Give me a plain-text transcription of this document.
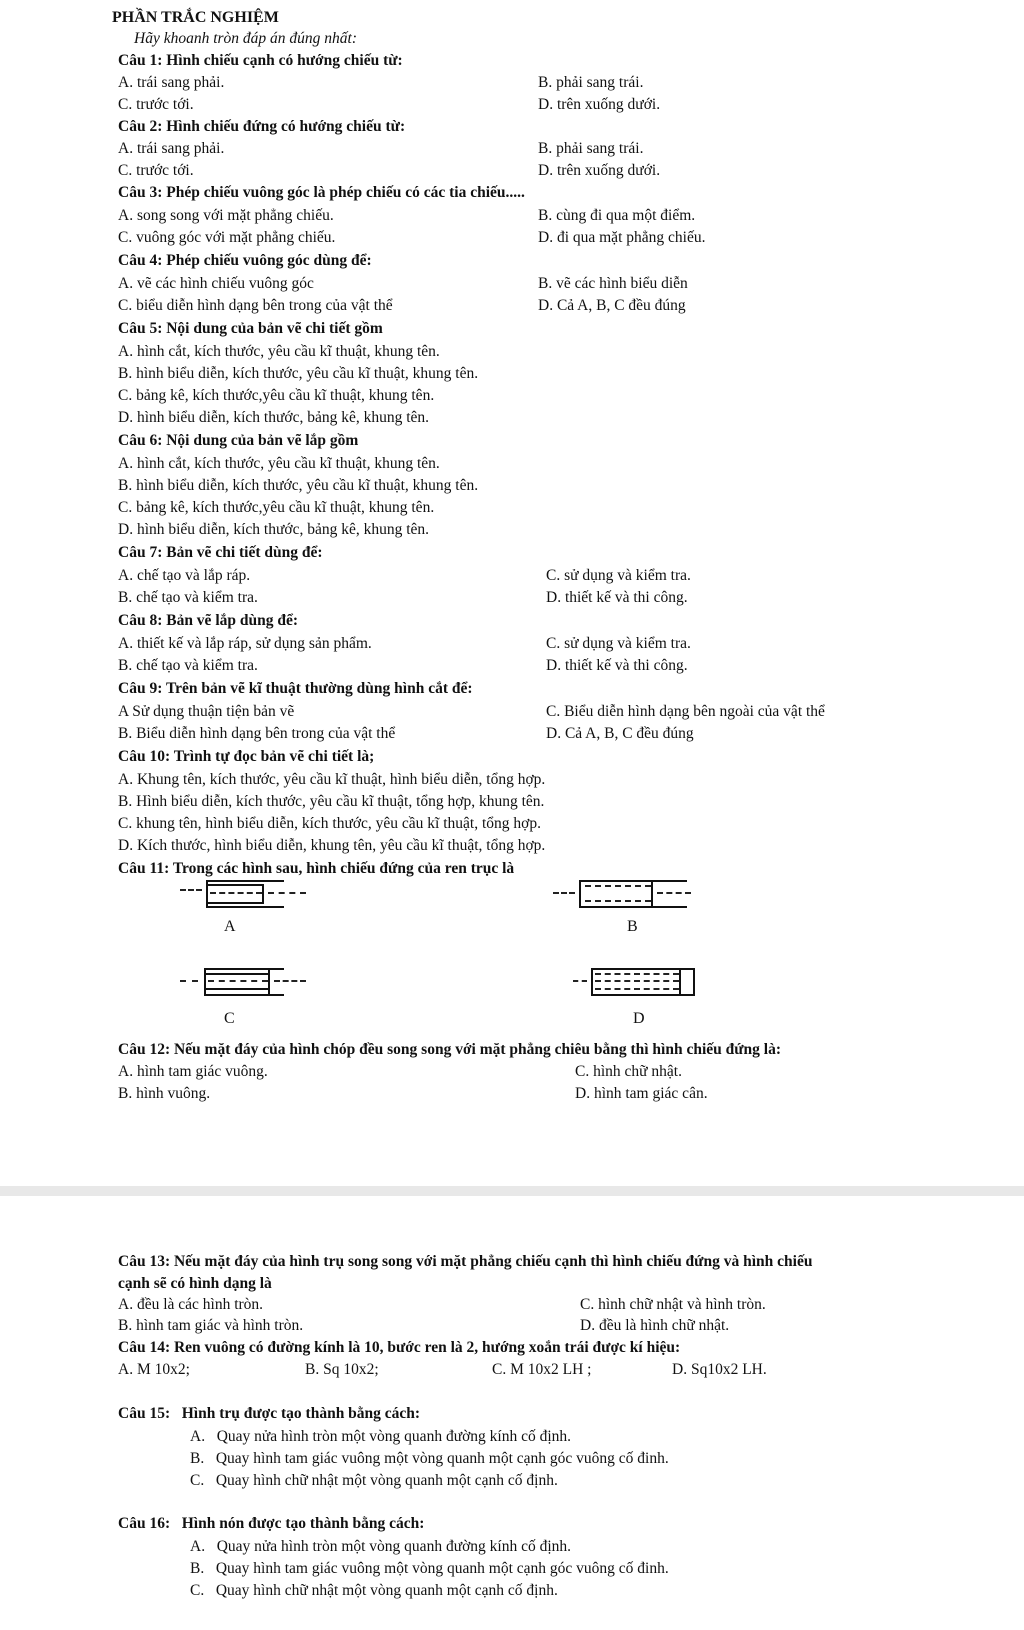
PHẦN TRẮC NGHIỆM
Hãy khoanh tròn đáp án đúng nhất:
Câu 1: Hình chiếu cạnh có hướng chiếu từ:
A. trái sang phải.	B. phải sang trái.
C. trước tới.	D. trên xuống dưới.
Câu 2: Hình chiếu đứng có hướng chiếu từ:
A. trái sang phải.	B. phải sang trái.
C. trước tới.	D. trên xuống dưới.
Câu 3: Phép chiếu vuông góc là phép chiếu có các tia chiếu.....
A. song song với mặt phẳng chiếu.	B. cùng đi qua một điểm.
C. vuông góc với mặt phẳng chiếu.	D. đi qua mặt phẳng chiếu.
Câu 4: Phép chiếu vuông góc dùng để:
A. vẽ các hình chiếu vuông góc	B. vẽ các hình biểu diễn
C. biểu diễn hình dạng bên trong của vật thể	D. Cả A, B, C đều đúng
Câu 5: Nội dung của bản vẽ chi tiết gồm
A. hình cắt, kích thước, yêu cầu kĩ thuật, khung tên.
B. hình biểu diễn, kích thước, yêu cầu kĩ thuật, khung tên.
C. bảng kê, kích thước,yêu cầu kĩ thuật, khung tên.
D. hình biểu diễn, kích thước, bảng kê, khung tên.
Câu 6: Nội dung của bản vẽ lắp gồm
A. hình cắt, kích thước, yêu cầu kĩ thuật, khung tên.
B. hình biểu diễn, kích thước, yêu cầu kĩ thuật, khung tên.
C. bảng kê, kích thước,yêu cầu kĩ thuật, khung tên.
D. hình biểu diễn, kích thước, bảng kê, khung tên.
Câu 7: Bản vẽ chi tiết dùng để:
A. chế tạo và lắp ráp.	C. sử dụng và kiểm tra.
B. chế tạo và kiểm tra.	D. thiết kế và thi công.
Câu 8: Bản vẽ lắp dùng để:
A. thiết kế và lắp ráp, sử dụng sản phẩm.	C. sử dụng và kiểm tra.
B. chế tạo và kiểm tra.	D. thiết kế và thi công.
Câu 9: Trên bản vẽ kĩ thuật thường dùng hình cắt để:
A Sử dụng thuận tiện bản vẽ	C. Biểu diễn hình dạng bên ngoài của vật thể
B. Biểu diễn hình dạng bên trong của vật thể	D. Cả A, B, C đều đúng
Câu 10: Trình tự đọc bản vẽ chi tiết là;
A. Khung tên, kích thước, yêu cầu kĩ thuật, hình biểu diễn, tổng hợp.
B. Hình biểu diễn, kích thước, yêu cầu kĩ thuật, tổng hợp, khung tên.
C. khung tên, hình biểu diễn, kích thước, yêu cầu kĩ thuật, tổng hợp.
D. Kích thước, hình biểu diễn, khung tên, yêu cầu kĩ thuật, tổng hợp.
Câu 11: Trong các hình sau, hình chiếu đứng của ren trục là
A	B
C	D
Câu 12: Nếu mặt đáy của hình chóp đều song song với mặt phẳng chiêu bằng thì hình chiếu đứng là:
A. hình tam giác vuông.	C. hình chữ nhật.
B. hình vuông.	D. hình tam giác cân.
Câu 13: Nếu mặt đáy của hình trụ song song với mặt phẳng chiếu cạnh thì hình chiếu đứng và hình chiếu
cạnh sẽ có hình dạng là
A. đều là các hình tròn.	C. hình chữ nhật và hình tròn.
B. hình tam giác và hình tròn.	D. đều là hình chữ nhật.
Câu 14: Ren vuông có đường kính là 10, bước ren là 2, hướng xoắn trái được kí hiệu:
A. M 10x2;	B. Sq 10x2;	C. M 10x2 LH ;	D. Sq10x2 LH.
Câu 15:   Hình trụ được tạo thành bằng cách:
A.   Quay nửa hình tròn một vòng quanh đường kính cố định.
B.   Quay hình tam giác vuông một vòng quanh một cạnh góc vuông cố đinh.
C.   Quay hình chữ nhật một vòng quanh một cạnh cố định.
Câu 16:   Hình nón được tạo thành bằng cách:
A.   Quay nửa hình tròn một vòng quanh đường kính cố định.
B.   Quay hình tam giác vuông một vòng quanh một cạnh góc vuông cố đinh.
C.   Quay hình chữ nhật một vòng quanh một cạnh cố định.
